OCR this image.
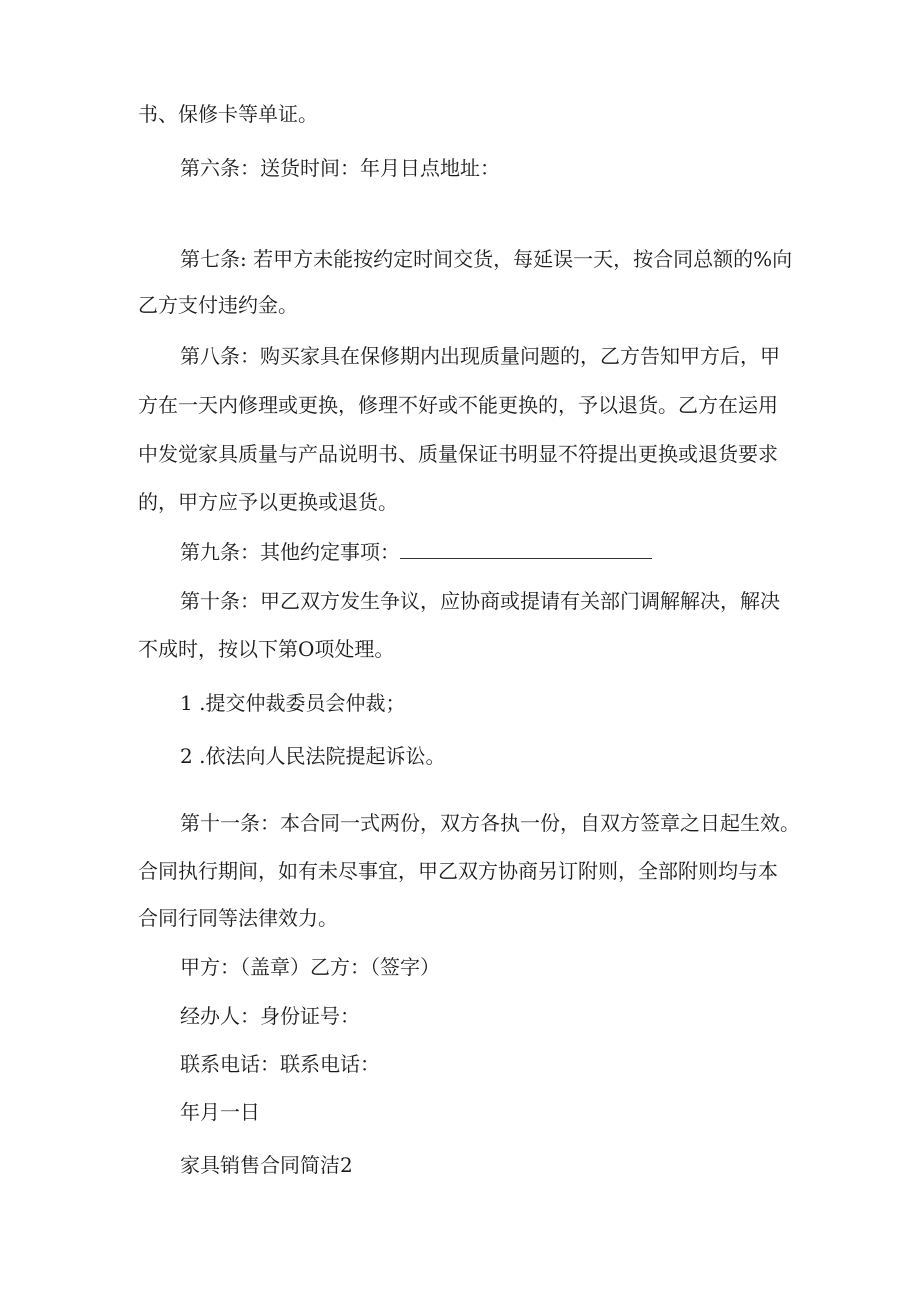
书、保修卡等单证。

第六条：送货时间：年月日点地址：

第七条: 若甲方未能按约定时间交货，每延误一天，按合同总额的%向

乙方支付违约金。

第八条：购买家具在保修期内出现质量问题的，乙方告知甲方后，甲

方在一天内修理或更换，修理不好或不能更换的，予以退货。乙方在运用

中发觉家具质量与产品说明书、质量保证书明显不符提出更换或退货要求

的，甲方应予以更换或退货。

第九条：其他约定事项：

第十条：甲乙双方发生争议，应协商或提请有关部门调解解决，解决

不成时，按以下第O项处理。

1 .提交仲裁委员会仲裁；

2 .依法向人民法院提起诉讼。

第十一条：本合同一式两份，双方各执一份，自双方签章之日起生效。

合同执行期间，如有未尽事宜，甲乙双方协商另订附则，全部附则均与本

合同行同等法律效力。

甲方：（盖章）乙方：（签字）

经办人：身份证号：

联系电话：联系电话：

年月一日

家具销售合同简洁2
